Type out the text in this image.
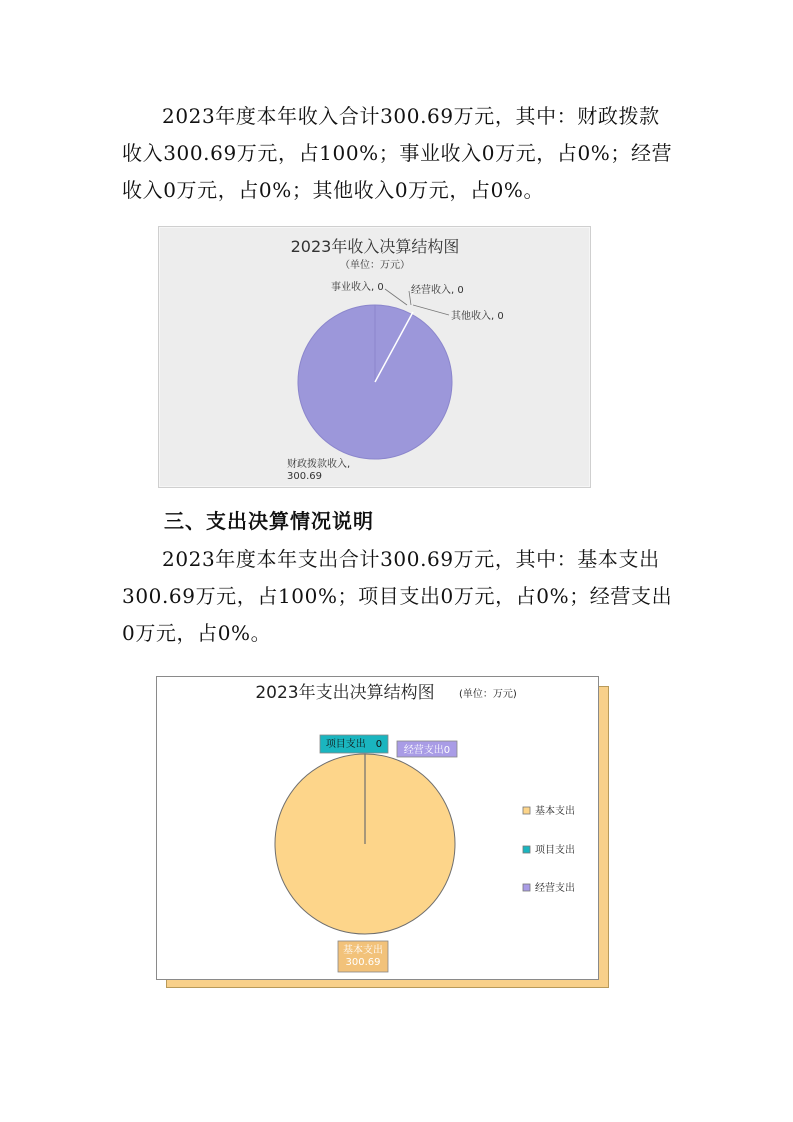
2023年度本年收入合计300.69万元，其中：财政拨款
收入300.69万元，占100%；事业收入0万元，占0%；经营
收入0万元，占0%；其他收入0万元，占0%。
2023年收入决算结构图
（单位：万元）
财政拨款收入,
300.69
事业收入, 0	经营收入, 0
其他收入, 0
三、支出决算情况说明
2023年度本年支出合计300.69万元，其中：基本支出
300.69万元，占100%；项目支出0万元，占0%；经营支出
0万元，占0%。
2023年支出决算结构图 (单位：万元)
项目支出　0
经营支出0
基本支出
300.69
基本支出
项目支出
经营支出
